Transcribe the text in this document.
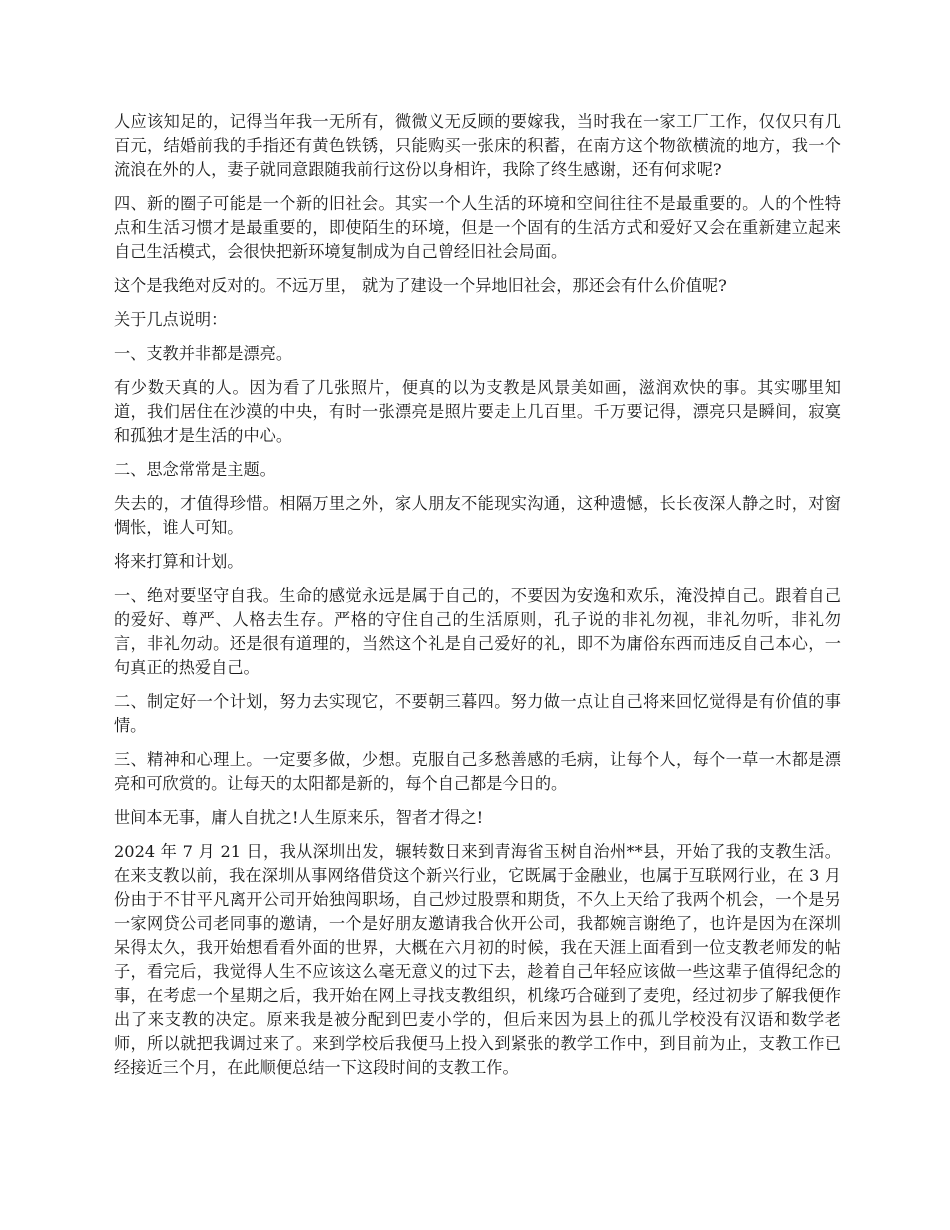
人应该知足的，记得当年我一无所有，微微义无反顾的要嫁我，当时我在一家工厂工作，仅仅只有几百元，结婚前我的手指还有黄色铁锈，只能购买一张床的积蓄，在南方这个物欲横流的地方，我一个流浪在外的人，妻子就同意跟随我前行这份以身相许，我除了终生感谢，还有何求呢?

四、新的圈子可能是一个新的旧社会。其实一个人生活的环境和空间往往不是最重要的。人的个性特点和生活习惯才是最重要的，即使陌生的环境，但是一个固有的生活方式和爱好又会在重新建立起来自己生活模式，会很快把新环境复制成为自己曾经旧社会局面。

这个是我绝对反对的。不远万里， 就为了建设一个异地旧社会，那还会有什么价值呢?

关于几点说明：

一、支教并非都是漂亮。

有少数天真的人。因为看了几张照片，便真的以为支教是风景美如画，滋润欢快的事。其实哪里知道，我们居住在沙漠的中央，有时一张漂亮是照片要走上几百里。千万要记得，漂亮只是瞬间，寂寞和孤独才是生活的中心。

二、思念常常是主题。

失去的，才值得珍惜。相隔万里之外，家人朋友不能现实沟通，这种遗憾，长长夜深人静之时，对窗惆怅，谁人可知。

将来打算和计划。

一、绝对要坚守自我。生命的感觉永远是属于自己的，不要因为安逸和欢乐，淹没掉自己。跟着自己的爱好、尊严、人格去生存。严格的守住自己的生活原则，孔子说的非礼勿视，非礼勿听，非礼勿言，非礼勿动。还是很有道理的，当然这个礼是自己爱好的礼，即不为庸俗东西而违反自己本心，一句真正的热爱自己。

二、制定好一个计划，努力去实现它，不要朝三暮四。努力做一点让自己将来回忆觉得是有价值的事情。

三、精神和心理上。一定要多做，少想。克服自己多愁善感的毛病，让每个人，每个一草一木都是漂亮和可欣赏的。让每天的太阳都是新的，每个自己都是今日的。

世间本无事，庸人自扰之!人生原来乐，智者才得之!

2024 年 7 月 21 日，我从深圳出发，辗转数日来到青海省玉树自治州**县，开始了我的支教生活。在来支教以前，我在深圳从事网络借贷这个新兴行业，它既属于金融业，也属于互联网行业，在 3 月份由于不甘平凡离开公司开始独闯职场，自己炒过股票和期货，不久上天给了我两个机会，一个是另一家网贷公司老同事的邀请，一个是好朋友邀请我合伙开公司，我都婉言谢绝了，也许是因为在深圳呆得太久，我开始想看看外面的世界，大概在六月初的时候，我在天涯上面看到一位支教老师发的帖子，看完后，我觉得人生不应该这么毫无意义的过下去，趁着自己年轻应该做一些这辈子值得纪念的事，在考虑一个星期之后，我开始在网上寻找支教组织，机缘巧合碰到了麦兜，经过初步了解我便作出了来支教的决定。原来我是被分配到巴麦小学的，但后来因为县上的孤儿学校没有汉语和数学老师，所以就把我调过来了。来到学校后我便马上投入到紧张的教学工作中，到目前为止，支教工作已经接近三个月，在此顺便总结一下这段时间的支教工作。
